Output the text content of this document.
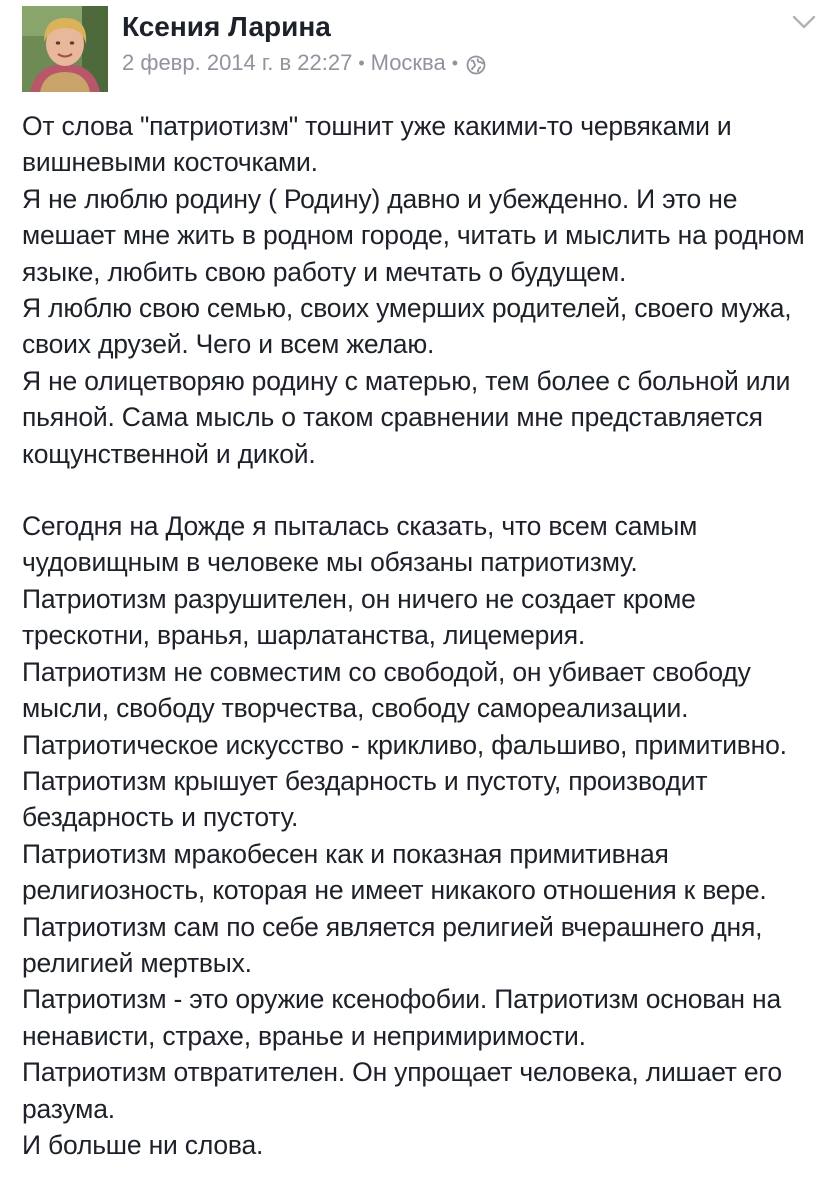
Ксения Ларина
2 февр. 2014 г. в 22:27 • Москва •

От слова "патриотизм" тошнит уже какими-то червяками и вишневыми косточками.

Я не люблю родину ( Родину) давно и убежденно. И это не мешает мне жить в родном городе, читать и мыслить на родном языке, любить свою работу и мечтать о будущем.

Я люблю свою семью, своих умерших родителей, своего мужа, своих друзей. Чего и всем желаю.

Я не олицетворяю родину с матерью, тем более с больной или пьяной. Сама мысль о таком сравнении мне представляется кощунственной и дикой.

Сегодня на Дожде я пыталась сказать, что всем самым чудовищным в человеке мы обязаны патриотизму.

Патриотизм разрушителен, он ничего не создает кроме трескотни, вранья, шарлатанства, лицемерия.

Патриотизм не совместим со свободой, он убивает свободу мысли, свободу творчества, свободу самореализации. Патриотическое искусство - крикливо, фальшиво, примитивно. Патриотизм крышует бездарность и пустоту, производит бездарность и пустоту.

Патриотизм мракобесен как и показная примитивная религиозность, которая не имеет никакого отношения к вере.

Патриотизм сам по себе является религией вчерашнего дня, религией мертвых.

Патриотизм - это оружие ксенофобии. Патриотизм основан на ненависти, страхе, вранье и непримиримости.

Патриотизм отвратителен. Он упрощает человека, лишает его разума.

И больше ни слова.
